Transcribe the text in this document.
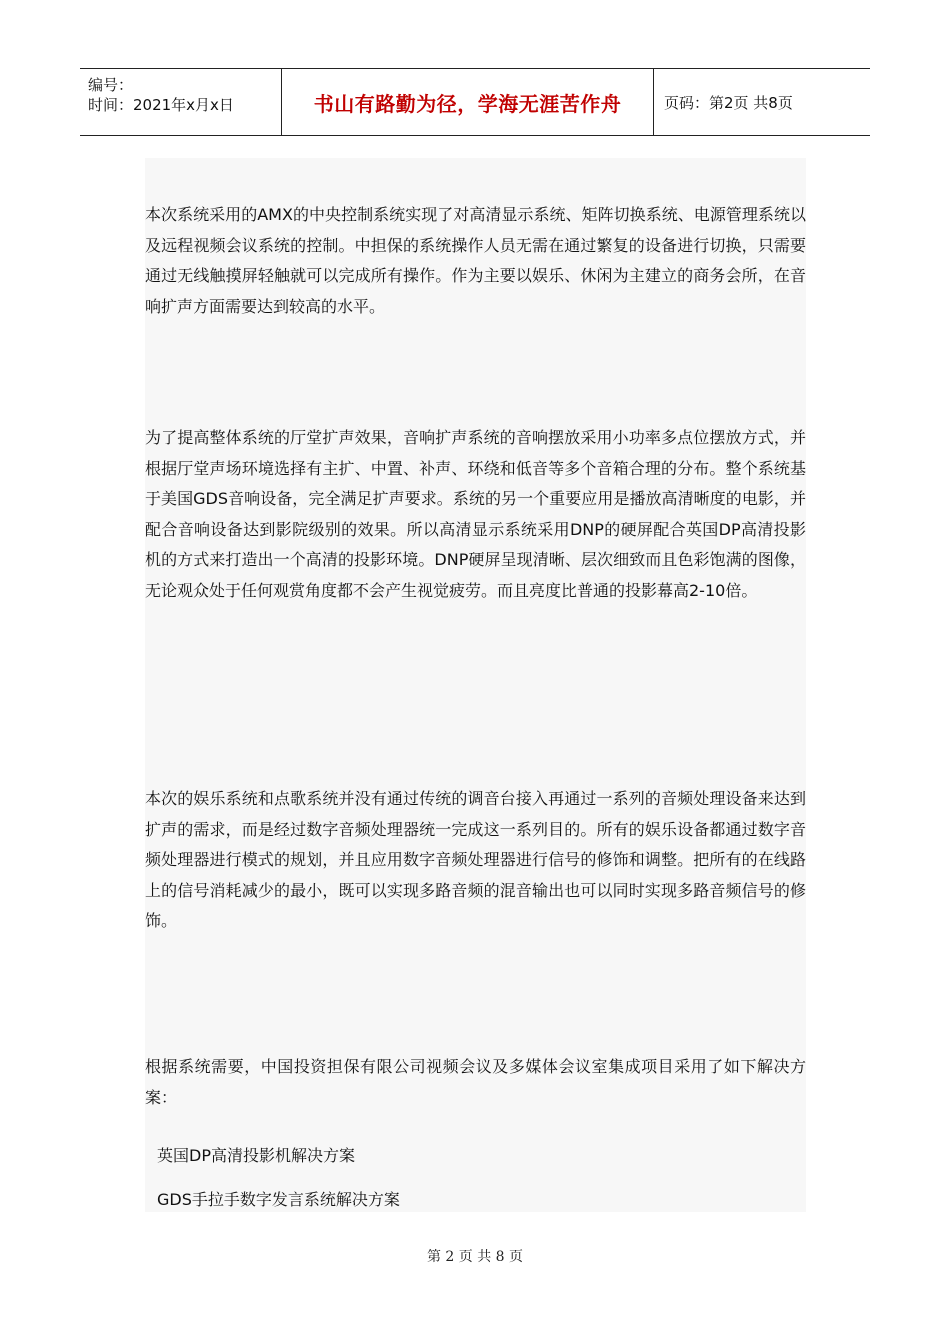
编号：
时间：2021年x月x日	书山有路勤为径，学海无涯苦作舟	页码：第2页 共8页

本次系统采用的AMX的中央控制系统实现了对高清显示系统、矩阵切换系统、电源管理系统以及远程视频会议系统的控制。中担保的系统操作人员无需在通过繁复的设备进行切换，只需要通过无线触摸屏轻触就可以完成所有操作。作为主要以娱乐、休闲为主建立的商务会所，在音响扩声方面需要达到较高的水平。

为了提高整体系统的厅堂扩声效果，音响扩声系统的音响摆放采用小功率多点位摆放方式，并根据厅堂声场环境选择有主扩、中置、补声、环绕和低音等多个音箱合理的分布。整个系统基于美国GDS音响设备，完全满足扩声要求。系统的另一个重要应用是播放高清晰度的电影，并配合音响设备达到影院级别的效果。所以高清显示系统采用DNP的硬屏配合英国DP高清投影机的方式来打造出一个高清的投影环境。DNP硬屏呈现清晰、层次细致而且色彩饱满的图像，无论观众处于任何观赏角度都不会产生视觉疲劳。而且亮度比普通的投影幕高2-10倍。

本次的娱乐系统和点歌系统并没有通过传统的调音台接入再通过一系列的音频处理设备来达到扩声的需求，而是经过数字音频处理器统一完成这一系列目的。所有的娱乐设备都通过数字音频处理器进行模式的规划，并且应用数字音频处理器进行信号的修饰和调整。把所有的在线路上的信号消耗减少的最小，既可以实现多路音频的混音输出也可以同时实现多路音频信号的修饰。

根据系统需要，中国投资担保有限公司视频会议及多媒体会议室集成项目采用了如下解决方案：

英国DP高清投影机解决方案
GDS手拉手数字发言系统解决方案
第 2 页 共 8 页
